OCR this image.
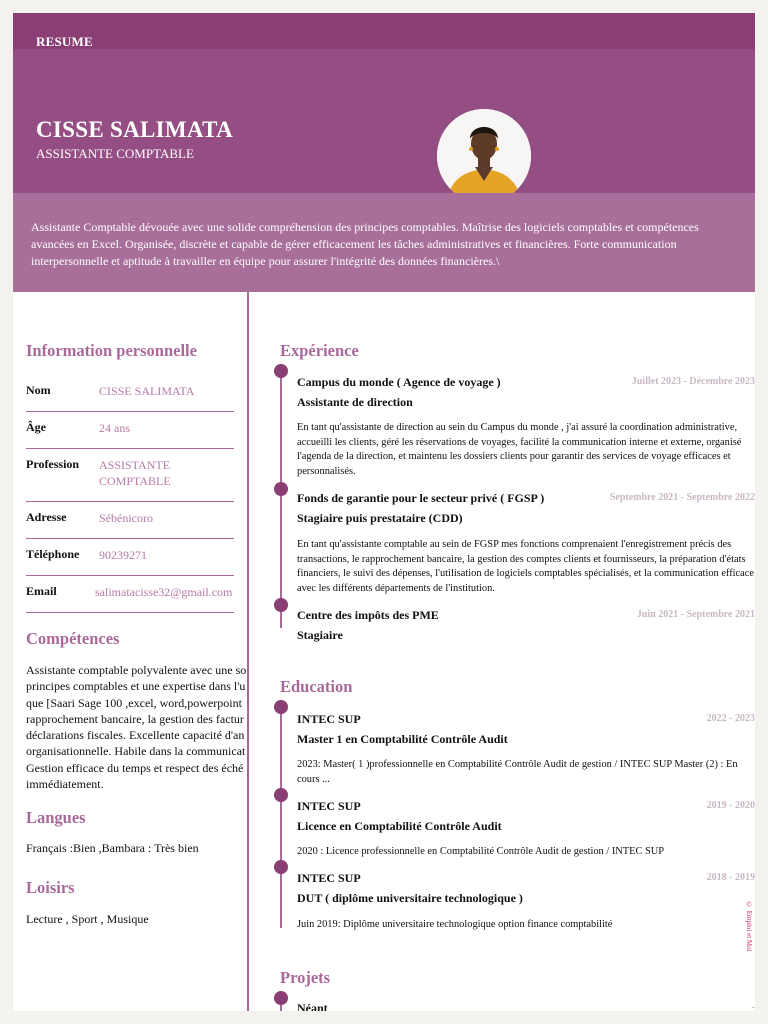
RESUME
CISSE SALIMATA
ASSISTANTE COMPTABLE

Assistante Comptable dévouée avec une solide compréhension des principes comptables. Maîtrise des logiciels comptables et compétences avancées en Excel. Organisée, discrète et capable de gérer efficacement les tâches administratives et financières. Forte communication interpersonnelle et aptitude à travailler en équipe pour assurer l'intégrité des données financières.\

Information personnelle
Nom	CISSE SALIMATA
Âge	24 ans
Profession ASSISTANTE COMPTABLE
Adresse	Sébénicoro
Téléphone 90239271
Email	salimatacisse32@gmail.com
Compétences
Assistante comptable polyvalente avec une so
principes comptables et une expertise dans l'u
que [Saari Sage 100 ,excel, word,powerpoint
rapprochement bancaire, la gestion des factur
déclarations fiscales. Excellente capacité d'an
organisationnelle. Habile dans la communicat
Gestion efficace du temps et respect des éché
immédiatement.
Langues
Français :Bien ,Bambara : Très bien
Loisirs
Lecture , Sport , Musique
Expérience
Campus du monde ( Agence de voyage )	Juillet 2023 - Décembre 2023
Assistante de direction
En tant qu'assistante de direction au sein du Campus du monde , j'ai assuré la coordination administrative, accueilli les clients, géré les réservations de voyages, facilité la communication interne et externe, organisé l'agenda de la direction, et maintenu les dossiers clients pour garantir des services de voyage efficaces et personnalisés.
Fonds de garantie pour le secteur privé ( FGSP )	Septembre 2021 - Septembre 2022
Stagiaire puis prestataire (CDD)
En tant qu'assistante comptable au sein de FGSP mes fonctions comprenaient l'enregistrement précis des transactions, le rapprochement bancaire, la gestion des comptes clients et fournisseurs, la préparation d'états financiers, le suivi des dépenses, l'utilisation de logiciels comptables spécialisés, et la communication efficace avec les différents départements de l'institution.
Centre des impôts des PME	Juin 2021 - Septembre 2021
Stagiaire
Education
INTEC SUP	2022 - 2023
Master 1 en Comptabilité Contrôle Audit
2023: Master( 1 )professionnelle en Comptabilité Contrôle Audit de gestion / INTEC SUP Master (2) : En cours ...
INTEC SUP	2019 - 2020
Licence en Comptabilité Contrôle Audit
2020 : Licence professionnelle en Comptabilité Contrôle Audit de gestion / INTEC SUP
INTEC SUP	2018 - 2019
DUT ( diplôme universitaire technologique )
Juin 2019: Diplôme universitaire technologique option finance comptabilité
Projets
Néant	-
© Emploi et Moi
